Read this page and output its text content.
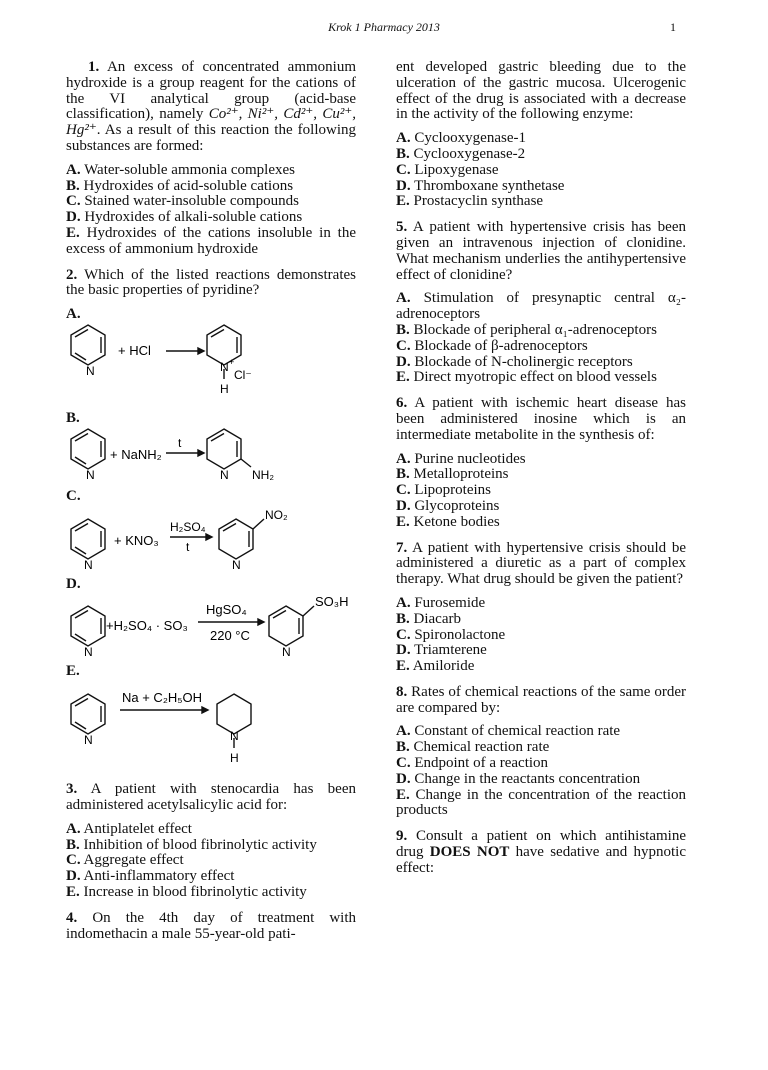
Krok 1 Pharmacy 2013	1
1. An excess of concentrated ammonium hydroxide is a group reagent for the cations of the VI analytical group (acid-base classification), namely Co²⁺, Ni²⁺, Cd²⁺, Cu²⁺, Hg²⁺. As a result of this reaction the following substances are formed:
A. Water-soluble ammonia complexes
B. Hydroxides of acid-soluble cations
C. Stained water-insoluble compounds
D. Hydroxides of alkali-soluble cations
E. Hydroxides of the cations insoluble in the excess of ammonium hydroxide
2. Which of the listed reactions demonstrates the basic properties of pyridine?
A.
N
+ HCl
N +
Cl⁻
H
B.
N
+ NaNH₂
t
N NH₂
C.
N
+ KNO₃
H₂SO₄
t
N
NO₂
D.
N
+H₂SO₄ · SO₃
HgSO₄
220 °C
N
SO₃H
E.
N
Na + C₂H₅OH
N
H
3. A patient with stenocardia has been administered acetylsalicylic acid for:
A. Antiplatelet effect
B. Inhibition of blood fibrinolytic activity
C. Aggregate effect
D. Anti-inflammatory effect
E. Increase in blood fibrinolytic activity
4. On the 4th day of treatment with indomethacin a male 55-year-old pati-
ent developed gastric bleeding due to the ulceration of the gastric mucosa. Ulcerogenic effect of the drug is associated with a decrease in the activity of the following enzyme:
A. Cyclooxygenase-1
B. Cyclooxygenase-2
C. Lipoxygenase
D. Thromboxane synthetase
E. Prostacyclin synthase
5. A patient with hypertensive crisis has been given an intravenous injection of clonidine. What mechanism underlies the antihypertensive effect of clonidine?
A. Stimulation of presynaptic central α₂-adrenoceptors
B. Blockade of peripheral α₁-adrenoceptors
C. Blockade of β-adrenoceptors
D. Blockade of N-cholinergic receptors
E. Direct myotropic effect on blood vessels
6. A patient with ischemic heart disease has been administered inosine which is an intermediate metabolite in the synthesis of:
A. Purine nucleotides
B. Metalloproteins
C. Lipoproteins
D. Glycoproteins
E. Ketone bodies
7. A patient with hypertensive crisis should be administered a diuretic as a part of complex therapy. What drug should be given the patient?
A. Furosemide
B. Diacarb
C. Spironolactone
D. Triamterene
E. Amiloride
8. Rates of chemical reactions of the same order are compared by:
A. Constant of chemical reaction rate
B. Chemical reaction rate
C. Endpoint of a reaction
D. Change in the reactants concentration
E. Change in the concentration of the reaction products
9. Consult a patient on which antihistamine drug DOES NOT have sedative and hypnotic effect:
